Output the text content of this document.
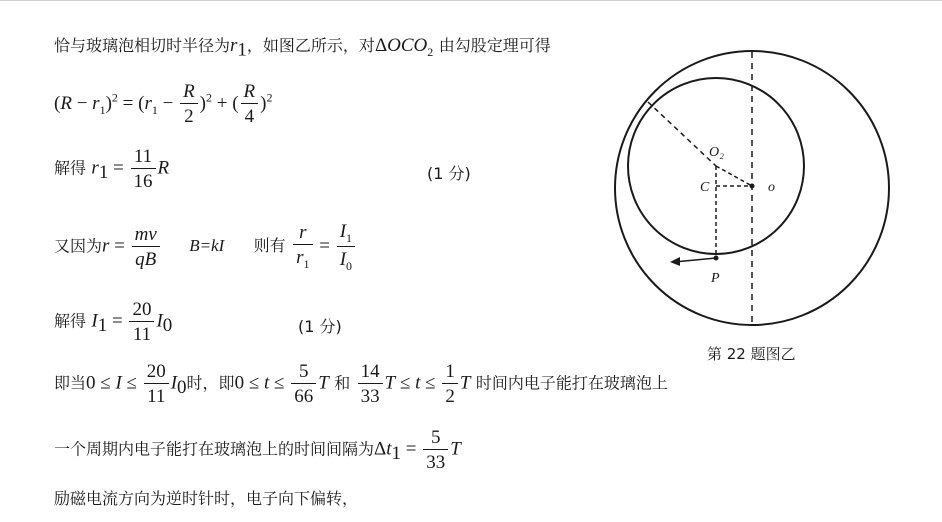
恰与玻璃泡相切时半径为$r_1$，如图乙所示，对$\Delta OCO_2$ 由勾股定理可得
$(R - r_1)^2 = (r_1 - \frac{R}{2} )^2$ + ( $\frac{R}{4} )^2$
解得 $r_1 = \frac{11}{16}$ R	(1 分)
又因为$r = \frac{mv}{qB} B=kI$ 则有 $\frac{r}{r_1} = \frac{I_1}{I_0}$
解得 $I_1 = \frac{20}{11} I_0$	(1 分)
即当$0 \le I \le \frac{20}{11} I_0$时，即$0 \le t \le \frac{5}{66}$ T 和 $\frac{14}{33}$ $T \le t \le \frac{1}{2}$ T 时间内电子能打在玻璃泡上
一个周期内电子能打在玻璃泡上的时间间隔为$\Delta t_1 = \frac{5}{33}$ T
励磁电流方向为逆时针时，电子向下偏转，
O₂
C	o
P
第 22 题图乙
